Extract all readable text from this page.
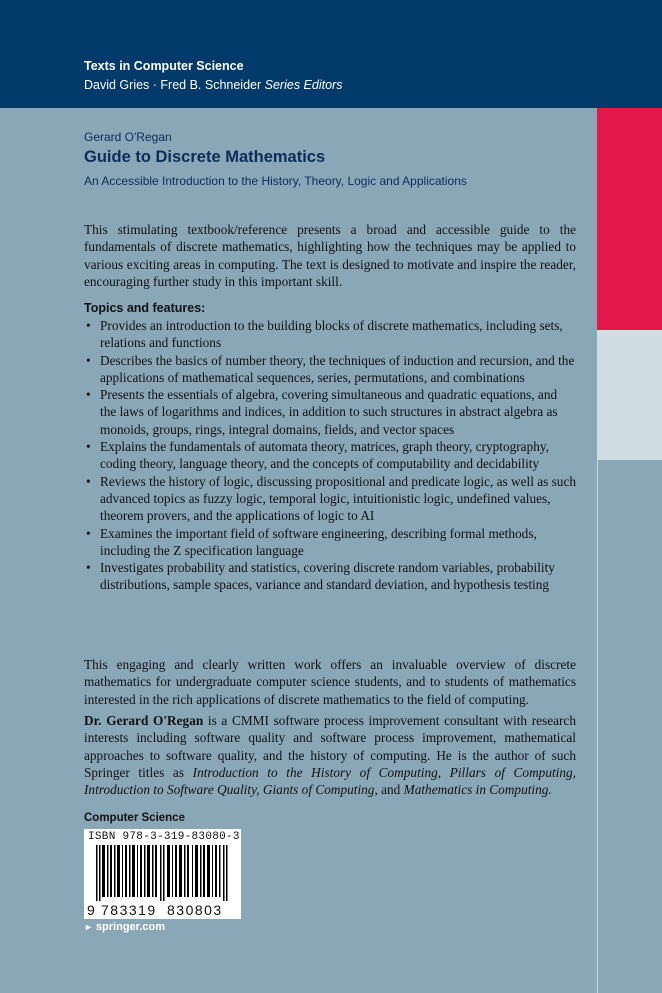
Texts in Computer Science
David Gries · Fred B. Schneider Series Editors
Gerard O'Regan
Guide to Discrete Mathematics
An Accessible Introduction to the History, Theory, Logic and Applications
This stimulating textbook/reference presents a broad and accessible guide to the fundamentals of discrete mathematics, highlighting how the techniques may be applied to various exciting areas in computing. The text is designed to motivate and inspire the reader, encouraging further study in this important skill.
Topics and features:
• Provides an introduction to the building blocks of discrete mathematics, including sets, relations and functions
• Describes the basics of number theory, the techniques of induction and recursion, and the applications of mathematical sequences, series, permutations, and combinations
• Presents the essentials of algebra, covering simultaneous and quadratic equations, and the laws of logarithms and indices, in addition to such structures in abstract algebra as monoids, groups, rings, integral domains, fields, and vector spaces
• Explains the fundamentals of automata theory, matrices, graph theory, cryptography, coding theory, language theory, and the concepts of computability and decidability
• Reviews the history of logic, discussing propositional and predicate logic, as well as such advanced topics as fuzzy logic, temporal logic, intuitionistic logic, undefined values, theorem provers, and the applications of logic to AI
• Examines the important field of software engineering, describing formal methods, including the Z specification language
• Investigates probability and statistics, covering discrete random variables, probability distributions, sample spaces, variance and standard deviation, and hypothesis testing
This engaging and clearly written work offers an invaluable overview of discrete mathematics for undergraduate computer science students, and to students of mathematics interested in the rich applications of discrete mathematics to the field of computing.
Dr. Gerard O'Regan is a CMMI software process improvement consultant with research interests including software quality and software process improvement, mathematical approaches to software quality, and the history of computing. He is the author of such Springer titles as Introduction to the History of Computing, Pillars of Computing, Introduction to Software Quality, Giants of Computing, and Mathematics in Computing.
Computer Science
ISBN 978-3-319-83080-3
9 783319 830803
► springer.com
